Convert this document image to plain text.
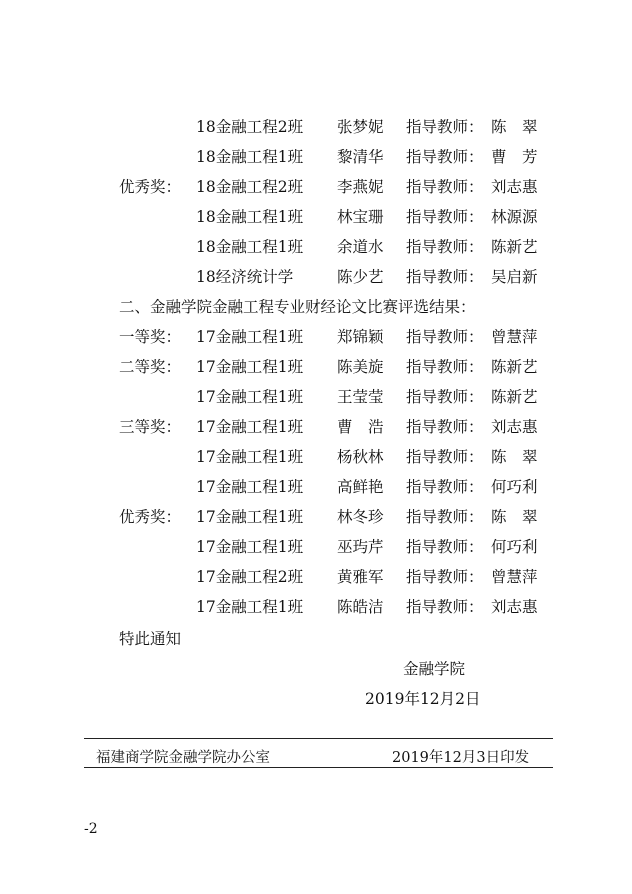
18金融工程2班 张梦妮 指导教师： 陈　翠
18金融工程1班 黎清华 指导教师： 曹　芳
优秀奖： 18金融工程2班 李燕妮 指导教师： 刘志惠
18金融工程1班 林宝珊 指导教师： 林源源
18金融工程1班 余道水 指导教师： 陈新艺
18经济统计学	陈少艺 指导教师： 吴启新
二、金融学院金融工程专业财经论文比赛评选结果：
一等奖： 17金融工程1班 郑锦颖 指导教师： 曾慧萍
二等奖： 17金融工程1班 陈美旋 指导教师： 陈新艺
17金融工程1班 王莹莹 指导教师： 陈新艺
三等奖： 17金融工程1班 曹　浩 指导教师： 刘志惠
17金融工程1班 杨秋林 指导教师： 陈　翠
17金融工程1班 高鲜艳 指导教师： 何巧利
优秀奖： 17金融工程1班 林冬珍 指导教师： 陈　翠
17金融工程1班 巫玙芹 指导教师： 何巧利
17金融工程2班 黄雅军 指导教师： 曾慧萍
17金融工程1班 陈皓洁 指导教师： 刘志惠
特此通知
金融学院
2019年12月2日
福建商学院金融学院办公室	2019年12月3日印发
-2
